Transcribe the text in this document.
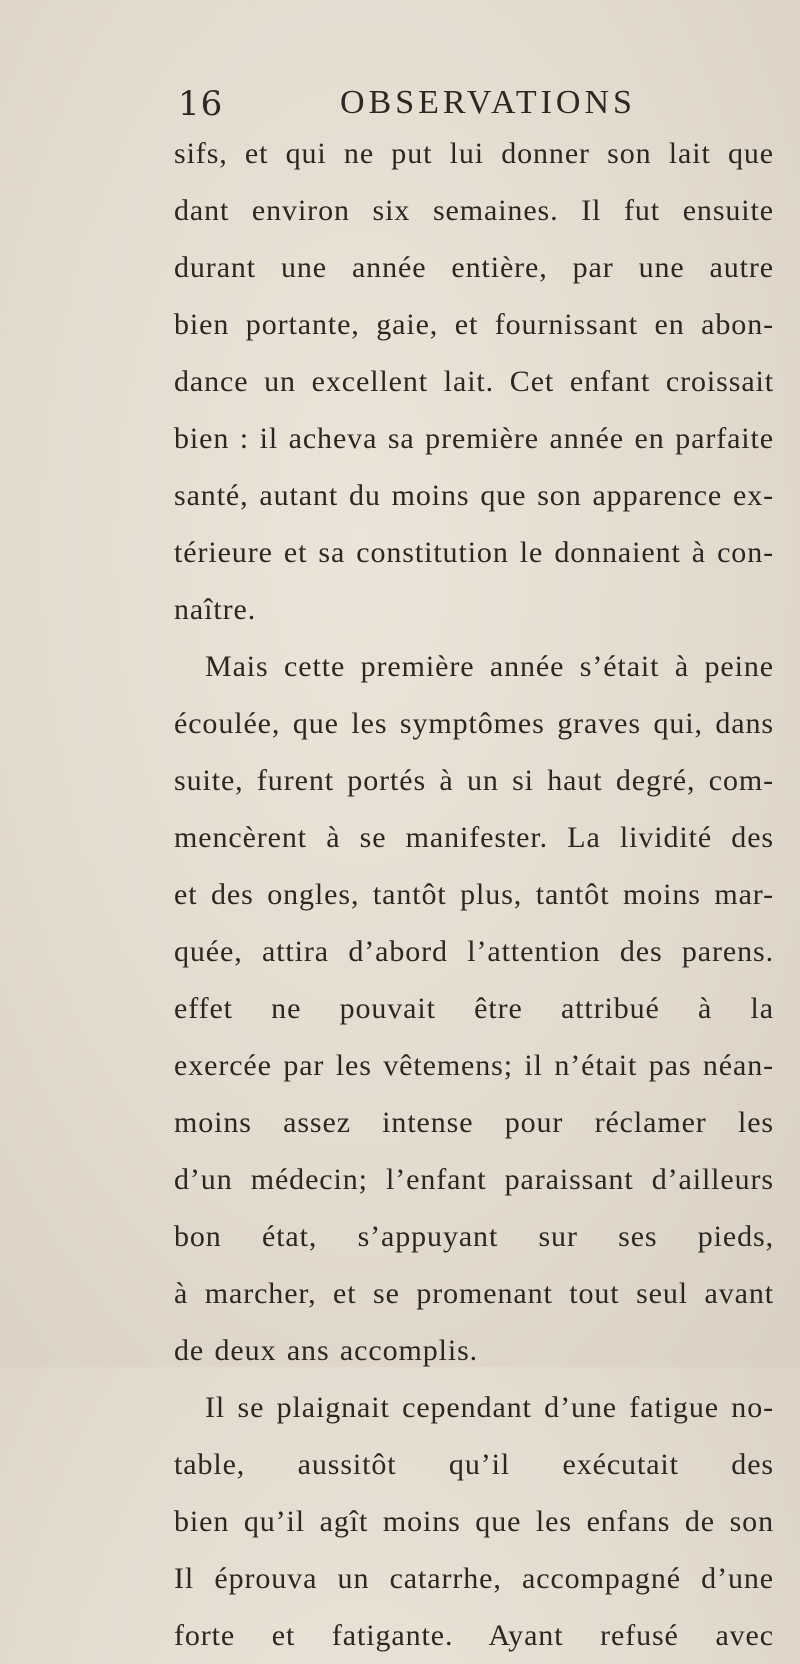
16	OBSERVATIONS
sifs, et qui ne put lui donner son lait que
dant environ six semaines. Il fut ensuite
durant une année entière, par une autre
bien portante, gaie, et fournissant en abon-
dance un excellent lait. Cet enfant croissait
bien : il acheva sa première année en parfaite
santé, autant du moins que son apparence ex-
térieure et sa constitution le donnaient à con-
naître.
Mais cette première année s’était à peine
écoulée, que les symptômes graves qui, dans
suite, furent portés à un si haut degré, com-
mencèrent à se manifester. La lividité des
et des ongles, tantôt plus, tantôt moins mar-
quée, attira d’abord l’attention des parens.
effet ne pouvait être attribué à la
exercée par les vêtemens; il n’était pas néan-
moins assez intense pour réclamer les
d’un médecin; l’enfant paraissant d’ailleurs
bon état, s’appuyant sur ses pieds,
à marcher, et se promenant tout seul avant
de deux ans accomplis.
Il se plaignait cependant d’une fatigue no-
table, aussitôt qu’il exécutait des
bien qu’il agît moins que les enfans de son
Il éprouva un catarrhe, accompagné d’une
forte et fatigante. Ayant refusé avec
